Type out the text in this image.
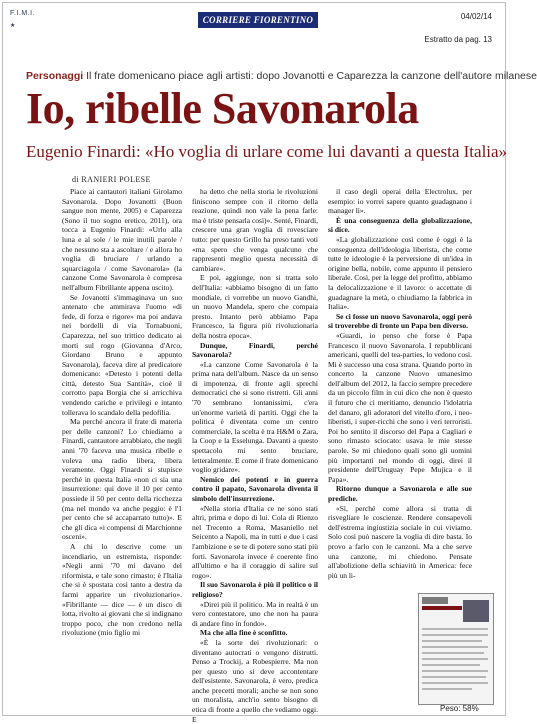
F.I.M.I.
★
CORRIERE FIORENTINO	04/02/14
Estratto da pag. 13
Personaggi Il frate domenicano piace agli artisti: dopo Jovanotti e Caparezza la canzone dell'autore milanese
Io, ribelle Savonarola
Eugenio Finardi: «Ho voglia di urlare come lui davanti a questa Italia»
di RANIERI POLESE

Piace ai cantautori italiani Girolamo Savonarola. Dopo Jovanotti (Buon sangue non mente, 2005) e Caparezza (Sono il tuo sogno eretico, 2011), ora tocca a Eugenio Finardi: «Urlo alla luna e al sole / le mie inutili parole / che nessuno sta a ascoltare / e allora ho voglia di bruciare / urlando a squarciagola / come Savonarola» (la canzone Come Savonarola è compresa nell'album Fibrillante appena uscito).

Se Jovanotti s'immaginava un suo antenato che ammirava l'uomo «di fede, di forza e rigore» ma poi andava nei bordelli di via Tornabuoni, Caparezza, nel suo trittico dedicato ai morti sul rogo (Giovanna d'Arco, Giordano Bruno e appunto Savonarola), faceva dire al predicatore domenicano: «Detesto i potenti della città, detesto Sua Santità», cioè il corrotto papa Borgia che si arricchiva vendendo cariche e privilegi e intanto tollerava lo scandalo della pedofilia.

Ma perché ancora il frate di materia per delle canzoni? Lo chiediamo a Finardi, cantautore arrabbiato, che negli anni '70 faceva una musica ribelle e voleva una radio libera, libera veramente. Oggi Finardi si stupisce perché in questa Italia «non ci sia una insurrezione: qui dove il 10 per cento possiede il 50 per cento della ricchezza (ma nel mondo va anche peggio: è l'1 per cento che sé accaparrato tutto)». E che gli dica «i compensi di Marchionne osceni».

A chi lo descrive come un incendiario, un estremista, risponde: «Negli anni '70 mi davano del riformista, e tale sono rimasto; è l'Italia che si è spostata così tanto a destra da farmi apparire un rivoluzionario». «Fibrillante — dice — è un disco di lotta, rivolto ai giovani che si indignano troppo poco, che non credono nella rivoluzione (mio figlio mi

ha detto che nella storia le rivoluzioni finiscono sempre con il ritorno della reazione, quindi non vale la pena farle: ma è triste pensarla così)». Senté, Finardi, crescere una gran voglia di rovesciare tutto: per questo Grillo ha preso tanti voti «ma spero che venga qualcuno che rappresenti meglio questa necessità di cambiare».

E poi, aggiunge, non si tratta solo dell'Italia: «abbiamo bisogno di un fatto mondiale, ci vorrebbe un nuovo Gandhi, un nuovo Mandela, spero che compaia presto. Intanto però abbiamo Papa Francesco, la figura più rivoluzionaria della nostra epoca».

Dunque, Finardi, perché Savonarola?

«La canzone Come Savonarola è la prima nata dell'album. Nasce da un senso di impotenza, di fronte agli sprechi democratici che si sono ristretti. Gli anni '70 sembrano lontanissimi, c'era un'enorme varietà di partiti. Oggi che la politica è diventata come un centro commerciale, la scelta è tra H&M o Zara, la Coop e la Esselunga. Davanti a questo spettacolo mi sento bruciare, letteralmente. E come il frate domenicano voglio gridare».

Nemico dei potenti e in guerra contro il papato, Savonarola diventa il simbolo dell'insurrezione.

«Nella storia d'Italia ce ne sono stati altri, prima e dopo di lui. Cola di Rienzo nel Trecento a Roma, Masaniello nel Seicento a Napoli, ma in tutti e due i casi l'ambizione e se te di potere sono stati più forti. Savonarola invece è coerente fino all'ultimo e ha il coraggio di salire sul rogo».

Il suo Savonarola è più il politico o il religioso?

«Direi più il politico. Ma in realtà è un vero contestatore, uno che non ha paura di andare fino in fondo».

Ma che alla fine è sconfitto.

«È la sorte dei rivoluzionari: o diventano autocrati o vengono distrutti. Penso a Trockij, a Robespierre. Ma non per questo uno si deve accontentare dell'esistente. Savonarola, è vero, predica anche precetti morali; anche se non sono un moralista, anch'io sento bisogno di etica di fronte a quello che vediamo oggi. E

il caso degli operai della Electrolux, per esempio: io vorrei sapere quanto guadagnano i manager lì».

È una conseguenza della globalizzazione, si dice.

«La globalizzazione così come è oggi è la conseguenza dell'ideologia liberista, che come tutte le ideologie è la perversione di un'idea in origine bella, nobile, come appunto il pensiero liberale. Così, per la legge del profitto, abbiamo la delocalizzazione e il lavoro: o accettate di guadagnare la metà, o chiudiamo la fabbrica in Italia».

Se ci fosse un nuovo Savonarola, oggi però si troverebbe di fronte un Papa ben diverso.

«Guardi, io penso che forse è Papa Francesco il nuovo Savonarola. I repubblicani americani, quelli del tea-parties, lo vedono così. Mi è successo una cosa strana. Quando porto in concerto la canzone Nuovo umanesimo dell'album del 2012, la faccio sempre precedere da un piccolo film in cui dico che non è questo il futuro che ci meritiamo, denuncio l'idolatria del danaro, gli adoratori del vitello d'oro, i neo-liberisti, i super-ricchi che sono i veri terroristi. Poi ho sentito il discorso del Papa a Cagliari e sono rimasto sciocato: usava le mie stesse parole. Se mi chiedono quali sono gli uomini più importanti nel mondo di oggi, direi il presidente dell'Uruguay Pepe Mujica e il Papa».

Ritorno dunque a Savonarola e alle sue prediche.

«Sì, perché come allora si tratta di risvegliare le coscienze. Rendere consapevoli dell'estrema ingiustizia sociale in cui viviamo. Solo così può nascere la voglia di dire basta. Io provo a farlo con le canzoni. Ma a che serve una canzone, mi chiedono. Pensate all'abolizione della schiavitù in America: fece più un li-

Peso: 58%
